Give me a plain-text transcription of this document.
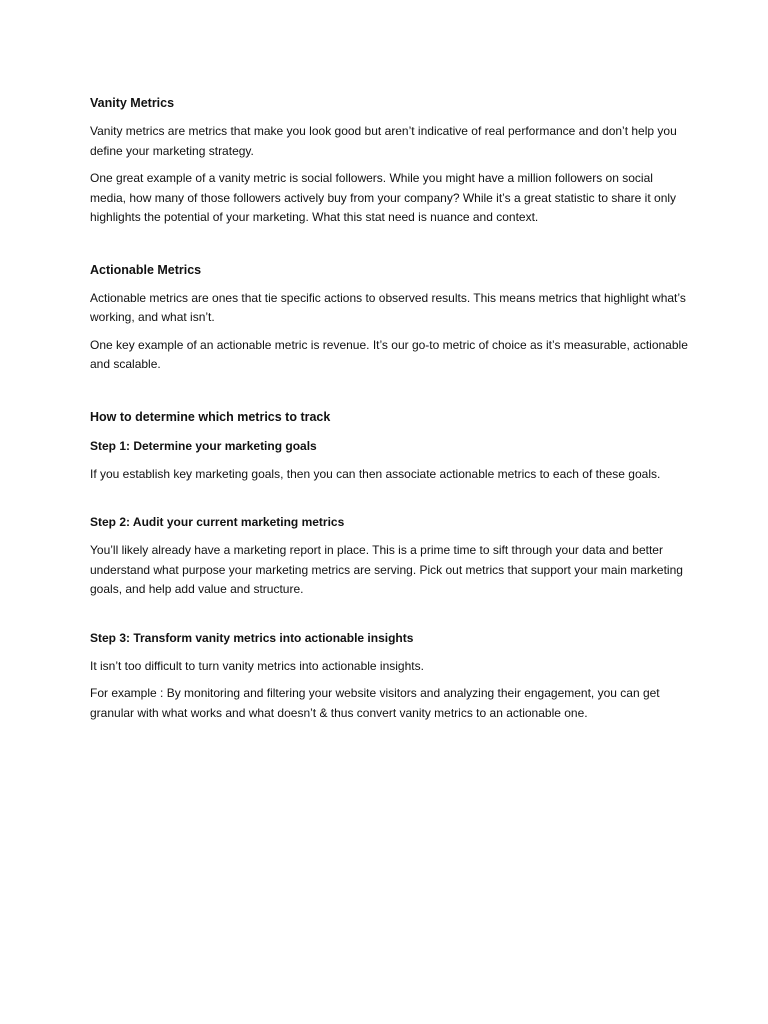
Vanity Metrics

Vanity metrics are metrics that make you look good but aren’t indicative of real performance and don’t help you define your marketing strategy.

One great example of a vanity metric is social followers. While you might have a million followers on social media, how many of those followers actively buy from your company? While it’s a great statistic to share it only highlights the potential of your marketing. What this stat need is nuance and context.

Actionable Metrics

Actionable metrics are ones that tie specific actions to observed results. This means metrics that highlight what’s working, and what isn’t.

One key example of an actionable metric is revenue. It’s our go-to metric of choice as it’s measurable, actionable and scalable.

How to determine which metrics to track
Step 1: Determine your marketing goals

If you establish key marketing goals, then you can then associate actionable metrics to each of these goals.

Step 2: Audit your current marketing metrics

You’ll likely already have a marketing report in place. This is a prime time to sift through your data and better understand what purpose your marketing metrics are serving. Pick out metrics that support your main marketing goals, and help add value and structure.

Step 3: Transform vanity metrics into actionable insights

It isn’t too difficult to turn vanity metrics into actionable insights.

For example : By monitoring and filtering your website visitors and analyzing their engagement, you can get granular with what works and what doesn’t & thus convert vanity metrics to an actionable one.
